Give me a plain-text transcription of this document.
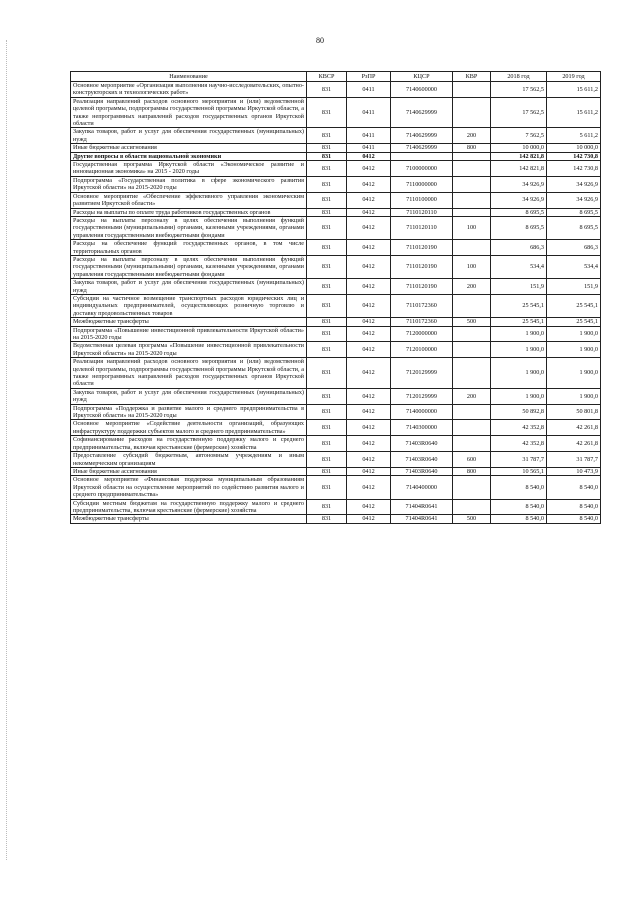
80
Наименование	КВСР	РзПР	КЦСР	КВР	2018 год	2019 год
Основное мероприятие «Организация выполнения научно-исследовательских, опытно-конструкторских и технологических работ»	831	0411	7140600000		17 562,5	15 611,2
Реализация направлений расходов основного мероприятия и (или) ведомственной целевой программы, подпрограммы государственной программы Иркутской области, а также непрограммных направлений расходов государственных органов Иркутской области	831	0411	7140629999		17 562,5	15 611,2
Закупка товаров, работ и услуг для обеспечения государственных (муниципальных) нужд	831	0411	7140629999	200	7 562,5	5 611,2
Иные бюджетные ассигнования	831	0411	7140629999	800	10 000,0	10 000,0
Другие вопросы в области национальной экономики	831	0412			142 821,8	142 730,8
Государственная программа Иркутской области «Экономическое развитие и инновационная экономика» на 2015 - 2020 годы	831	0412	7100000000		142 821,8	142 730,8
Подпрограмма «Государственная политика в сфере экономического развития Иркутской области» на 2015-2020 годы	831	0412	7110000000		34 926,9	34 926,9
Основное мероприятие «Обеспечение эффективного управления экономическим развитием Иркутской области»	831	0412	7110100000		34 926,9	34 926,9
Расходы на выплаты по оплате труда работников государственных органов	831	0412	7110120110		8 695,5	8 695,5
Расходы на выплаты персоналу в целях обеспечения выполнения функций государственными (муниципальными) органами, казенными учреждениями, органами управления государственными внебюджетными фондами	831	0412	7110120110	100	8 695,5	8 695,5
Расходы на обеспечение функций государственных органов, в том числе территориальных органов	831	0412	7110120190		686,3	686,3
Расходы на выплаты персоналу в целях обеспечения выполнения функций государственными (муниципальными) органами, казенными учреждениями, органами управления государственными внебюджетными фондами	831	0412	7110120190	100	534,4	534,4
Закупка товаров, работ и услуг для обеспечения государственных (муниципальных) нужд	831	0412	7110120190	200	151,9	151,9
Субсидии на частичное возмещение транспортных расходов юридических лиц и индивидуальных предпринимателей, осуществляющих розничную торговлю и доставку продовольственных товаров	831	0412	7110172360		25 545,1	25 545,1
Межбюджетные трансферты	831	0412	7110172360	500	25 545,1	25 545,1
Подпрограмма «Повышение инвестиционной привлекательности Иркутской области» на 2015-2020 годы	831	0412	7120000000		1 900,0	1 900,0
Ведомственная целевая программа «Повышение инвестиционной привлекательности Иркутской области» на 2015-2020 годы	831	0412	7120100000		1 900,0	1 900,0
Реализация направлений расходов основного мероприятия и (или) ведомственной целевой программы, подпрограммы государственной программы Иркутской области, а также непрограммных направлений расходов государственных органов Иркутской области	831	0412	7120129999		1 900,0	1 900,0
Закупка товаров, работ и услуг для обеспечения государственных (муниципальных) нужд	831	0412	7120129999	200	1 900,0	1 900,0
Подпрограмма «Поддержка и развитие малого и среднего предпринимательства в Иркутской области» на 2015-2020 годы	831	0412	7140000000		50 892,8	50 801,8
Основное мероприятие «Содействие деятельности организаций, образующих инфраструктуру поддержки субъектов малого и среднего предпринимательства»	831	0412	7140300000		42 352,8	42 261,8
Софинансирование расходов на государственную поддержку малого и среднего предпринимательства, включая крестьянские (фермерские) хозяйства	831	0412	71403R0640		42 352,8	42 261,8
Предоставление субсидий бюджетным, автономным учреждениям и иным некоммерческим организациям	831	0412	71403R0640	600	31 787,7	31 787,7
Иные бюджетные ассигнования	831	0412	71403R0640	800	10 565,1	10 473,9
Основное мероприятие «Финансовая поддержка муниципальным образованиям Иркутской области на осуществление мероприятий по содействию развития малого и среднего предпринимательства»	831	0412	7140400000		8 540,0	8 540,0
Субсидии местным бюджетам на государственную поддержку малого и среднего предпринимательства, включая крестьянские (фермерские) хозяйства	831	0412	71404R0641		8 540,0	8 540,0
Межбюджетные трансферты	831	0412	71404R0641	500	8 540,0	8 540,0
